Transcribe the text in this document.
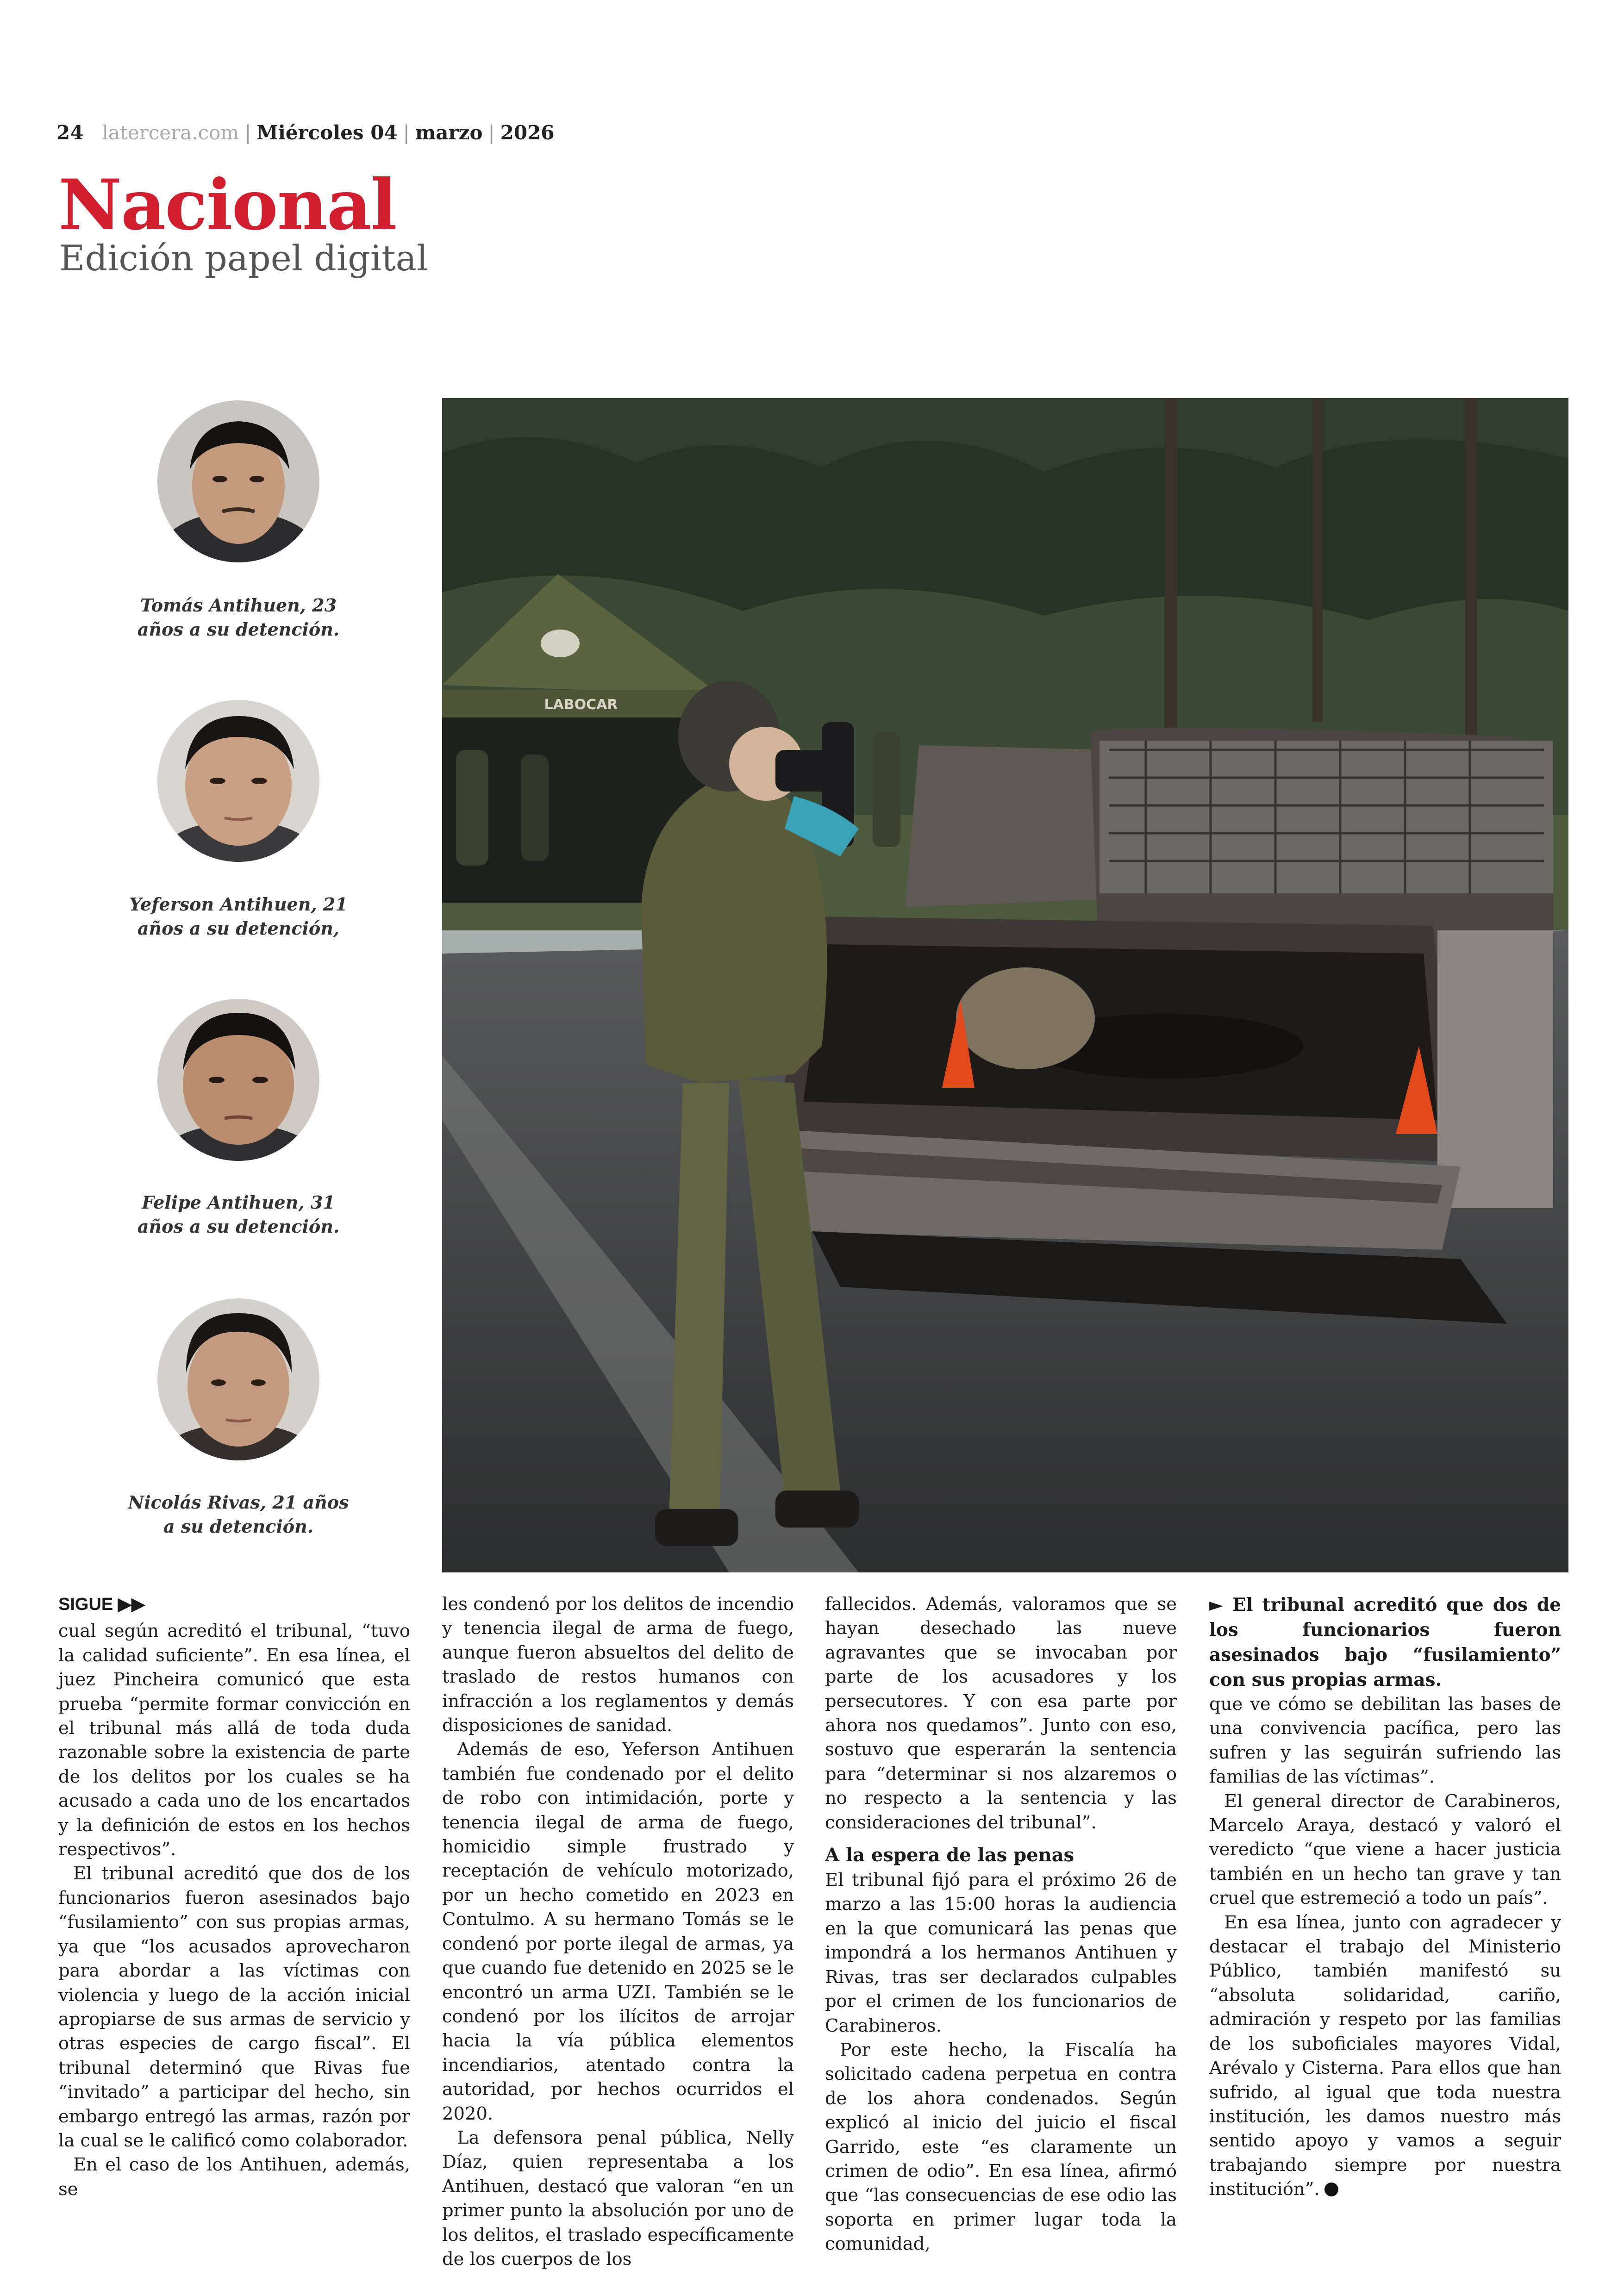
24 latercera.com | Miércoles 04 | marzo | 2026
Nacional
Edición papel digital
Tomás Antihuen, 23
años a su detención.
Yeferson Antihuen, 21
años a su detención,
Felipe Antihuen, 31
años a su detención.
Nicolás Rivas, 21 años
a su detención.
LABOCAR
SIGUE ▶▶

cual según acreditó el tribunal, “tuvo la calidad suficiente”. En esa línea, el juez Pincheira comunicó que esta prueba “permite formar convicción en el tribunal más allá de toda duda razonable sobre la existencia de parte de los delitos por los cuales se ha acusado a cada uno de los encartados y la definición de estos en los hechos respectivos”.

El tribunal acreditó que dos de los funcionarios fueron asesinados bajo “fusilamiento” con sus propias armas, ya que “los acusados aprovecharon para abordar a las víctimas con violencia y luego de la acción inicial apropiarse de sus armas de servicio y otras especies de cargo fiscal”. El tribunal determinó que Rivas fue “invitado” a participar del hecho, sin embargo entregó las armas, razón por la cual se le calificó como colaborador.

En el caso de los Antihuen, además, se

les condenó por los delitos de incendio y tenencia ilegal de arma de fuego, aunque fueron absueltos del delito de traslado de restos humanos con infracción a los reglamentos y demás disposiciones de sanidad.

Además de eso, Yeferson Antihuen también fue condenado por el delito de robo con intimidación, porte y tenencia ilegal de arma de fuego, homicidio simple frustrado y receptación de vehículo motorizado, por un hecho cometido en 2023 en Contulmo. A su hermano Tomás se le condenó por porte ilegal de armas, ya que cuando fue detenido en 2025 se le encontró un arma UZI. También se le condenó por los ilícitos de arrojar hacia la vía pública elementos incendiarios, atentado contra la autoridad, por hechos ocurridos el 2020.

La defensora penal pública, Nelly Díaz, quien representaba a los Antihuen, destacó que valoran “en un primer punto la absolución por uno de los delitos, el traslado específicamente de los cuerpos de los

fallecidos. Además, valoramos que se hayan desechado las nueve agravantes que se invocaban por parte de los acusadores y los persecutores. Y con esa parte por ahora nos quedamos”. Junto con eso, sostuvo que esperarán la sentencia para “determinar si nos alzaremos o no respecto a la sentencia y las consideraciones del tribunal”.

A la espera de las penas

El tribunal fijó para el próximo 26 de marzo a las 15:00 horas la audiencia en la que comunicará las penas que impondrá a los hermanos Antihuen y Rivas, tras ser declarados culpables por el crimen de los funcionarios de Carabineros.

Por este hecho, la Fiscalía ha solicitado cadena perpetua en contra de los ahora condenados. Según explicó al inicio del juicio el fiscal Garrido, este “es claramente un crimen de odio”. En esa línea, afirmó que “las consecuencias de ese odio las soporta en primer lugar toda la comunidad,

► El tribunal acreditó que dos de los funcionarios fueron asesinados bajo “fusilamiento” con sus propias armas.

que ve cómo se debilitan las bases de una convivencia pacífica, pero las sufren y las seguirán sufriendo las familias de las víctimas”.

El general director de Carabineros, Marcelo Araya, destacó y valoró el veredicto “que viene a hacer justicia también en un hecho tan grave y tan cruel que estremeció a todo un país”.

En esa línea, junto con agradecer y destacar el trabajo del Ministerio Público, también manifestó su “absoluta solidaridad, cariño, admiración y respeto por las familias de los suboficiales mayores Vidal, Arévalo y Cisterna. Para ellos que han sufrido, al igual que toda nuestra institución, les damos nuestro más sentido apoyo y vamos a seguir trabajando siempre por nuestra institución”.
